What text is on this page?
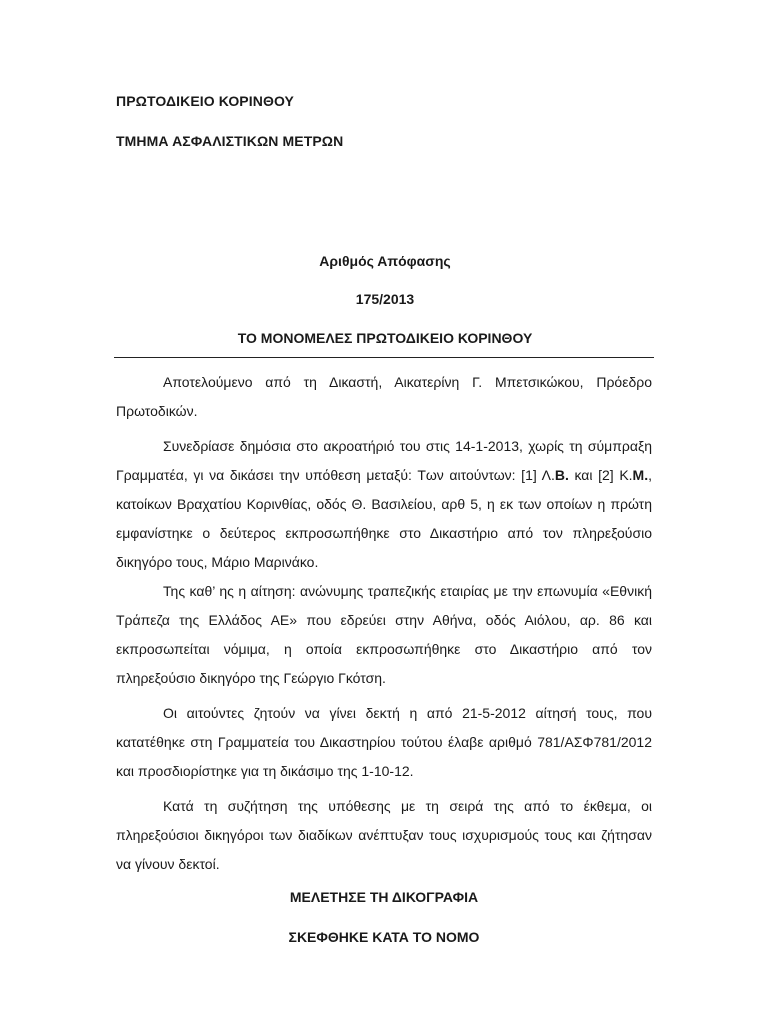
ΠΡΩΤΟΔΙΚΕΙΟ ΚΟΡΙΝΘΟΥ
ΤΜΗΜΑ ΑΣΦΑΛΙΣΤΙΚΩΝ ΜΕΤΡΩΝ
Αριθμός Απόφασης
175/2013
ΤΟ ΜΟΝΟΜΕΛΕΣ ΠΡΩΤΟΔΙΚΕΙΟ ΚΟΡΙΝΘΟΥ

Αποτελούμενο από τη Δικαστή, Αικατερίνη Γ. Μπετσικώκου, Πρόεδρο Πρωτοδικών.

Συνεδρίασε δημόσια στο ακροατήριό του στις 14-1-2013, χωρίς τη σύμπραξη Γραμματέα, γι να δικάσει την υπόθεση μεταξύ: Των αιτούντων: [1] Λ.Β. και [2] Κ.Μ., κατοίκων Βραχατίου Κορινθίας, οδός Θ. Βασιλείου, αρθ 5, η εκ των οποίων η πρώτη εμφανίστηκε ο δεύτερος εκπροσωπήθηκε στο Δικαστήριο από τον πληρεξούσιο δικηγόρο τους, Μάριο Μαρινάκο.

Της καθ’ ης η αίτηση: ανώνυμης τραπεζικής εταιρίας με την επωνυμία «Εθνική Τράπεζα της Ελλάδος ΑΕ» που εδρεύει στην Αθήνα, οδός Αιόλου, αρ. 86 και εκπροσωπείται νόμιμα, η οποία εκπροσωπήθηκε στο Δικαστήριο από τον πληρεξούσιο δικηγόρο της Γεώργιο Γκότση.

Οι αιτούντες ζητούν να γίνει δεκτή η από 21-5-2012 αίτησή τους, που κατατέθηκε στη Γραμματεία του Δικαστηρίου τούτου έλαβε αριθμό 781/ΑΣΦ781/2012 και προσδιορίστηκε για τη δικάσιμο της 1-10-12.

Κατά τη συζήτηση της υπόθεσης με τη σειρά της από το έκθεμα, οι πληρεξούσιοι δικηγόροι των διαδίκων ανέπτυξαν τους ισχυρισμούς τους και ζήτησαν να γίνουν δεκτοί.

ΜΕΛΕΤΗΣΕ ΤΗ ΔΙΚΟΓΡΑΦΙΑ
ΣΚΕΦΘΗΚΕ ΚΑΤΑ ΤΟ ΝΟΜΟ
